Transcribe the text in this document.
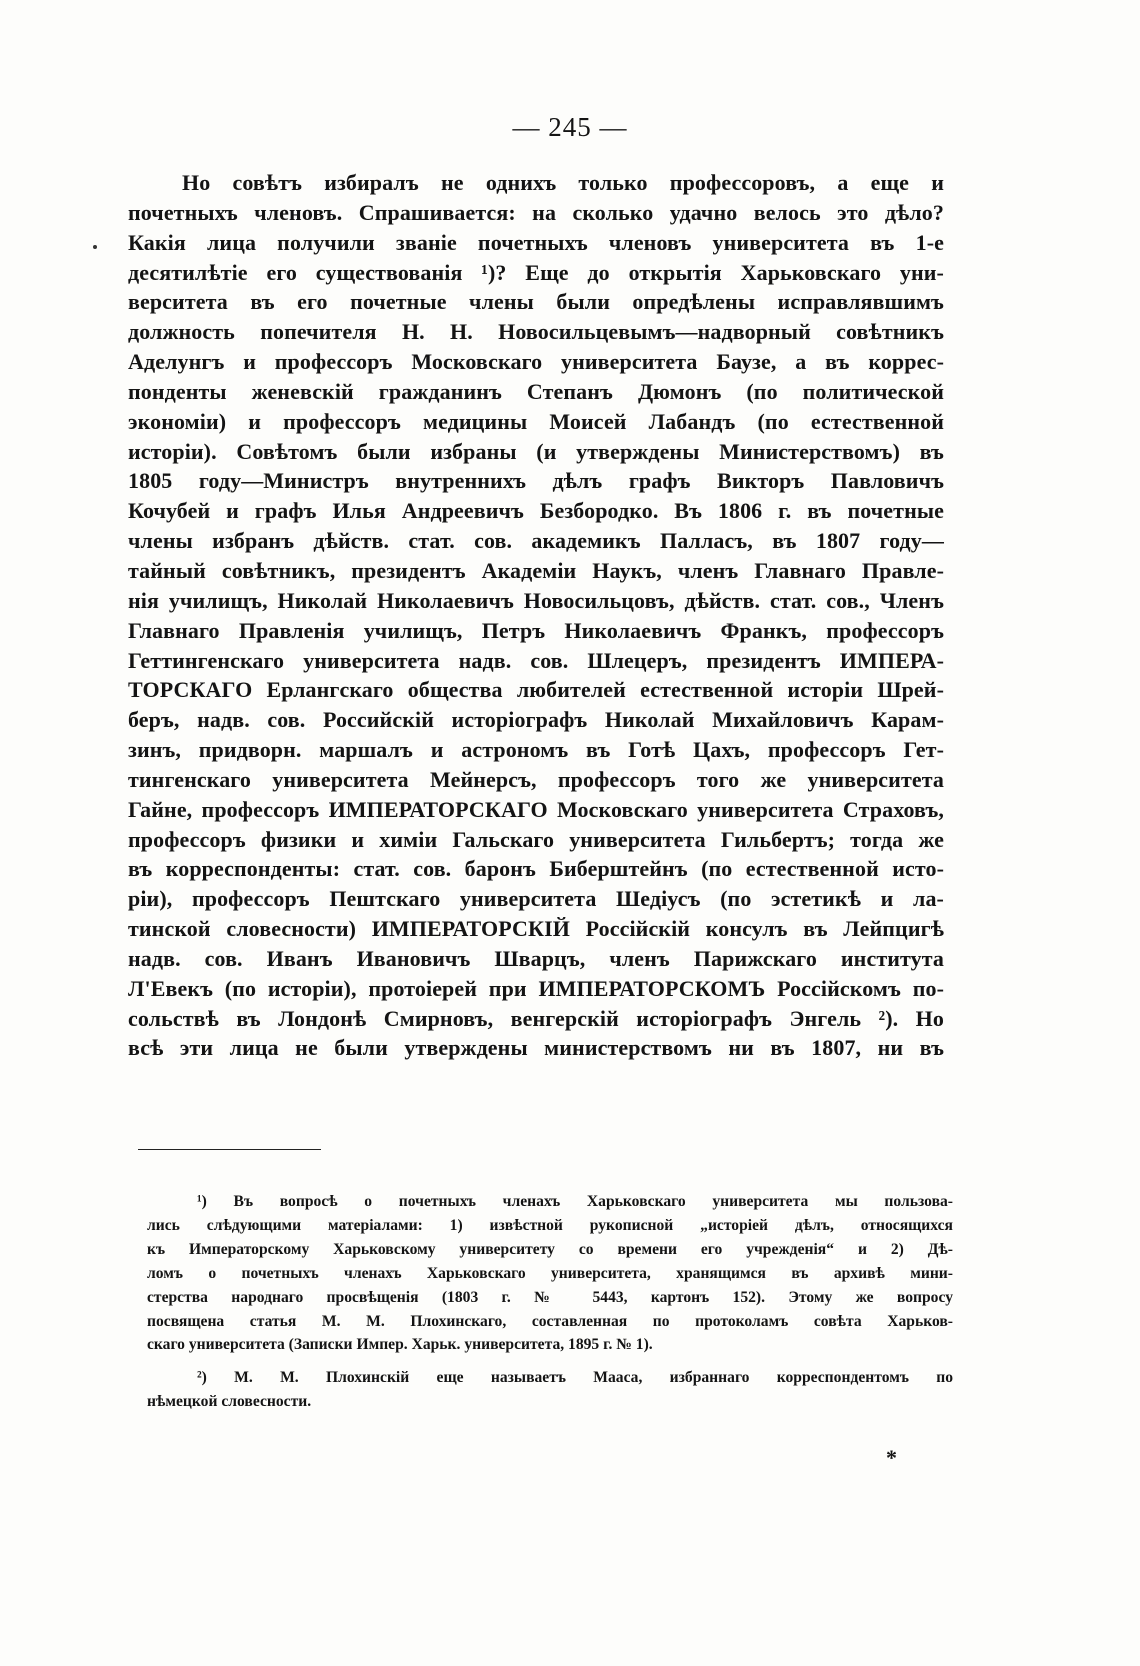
— 245 —
Но совѣтъ избиралъ не однихъ только профессоровъ, а еще и
почетныхъ членовъ. Спрашивается: на сколько удачно велось это дѣло?
Какія лица получили званіе почетныхъ членовъ университета въ 1-е
десятилѣтіе его существованія ¹)? Еще до открытія Харьковскаго уни-
верситета въ его почетные члены были опредѣлены исправлявшимъ
должность попечителя Н. Н. Новосильцевымъ—надворный совѣтникъ
Аделунгъ и профессоръ Московскаго университета Баузе, а въ коррес-
понденты женевскій гражданинъ Степанъ Дюмонъ (по политической
экономіи) и профессоръ медицины Моисей Лабандъ (по естественной
исторіи). Совѣтомъ были избраны (и утверждены Министерствомъ) въ
1805 году—Министръ внутреннихъ дѣлъ графъ Викторъ Павловичъ
Кочубей и графъ Илья Андреевичъ Безбородко. Въ 1806 г. въ почетные
члены избранъ дѣйств. стат. сов. академикъ Палласъ, въ 1807 году—
тайный совѣтникъ, президентъ Академіи Наукъ, членъ Главнаго Правле-
нія училищъ, Николай Николаевичъ Новосильцовъ, дѣйств. стат. сов., Членъ
Главнаго Правленія училищъ, Петръ Николаевичъ Франкъ, профессоръ
Геттингенскаго университета надв. сов. Шлецеръ, президентъ ИМПЕРА-
ТОРСКАГО Ерлангскаго общества любителей естественной исторіи Шрей-
беръ, надв. сов. Российскій исторіографъ Николай Михайловичъ Карам-
зинъ, придворн. маршалъ и астрономъ въ Готѣ Цахъ, профессоръ Гет-
тингенскаго университета Мейнерсъ, профессоръ того же университета
Гайне, профессоръ ИМПЕРАТОРСКАГО Московскаго университета Страховъ,
профессоръ физики и химіи Гальскаго университета Гильбертъ; тогда же
въ корреспонденты: стат. сов. баронъ Биберштейнъ (по естественной исто-
ріи), профессоръ Пештскаго университета Шедіусъ (по эстетикѣ и ла-
тинской словесности) ИМПЕРАТОРСКІЙ Россійскій консулъ въ Лейпцигѣ
надв. сов. Иванъ Ивановичъ Шварцъ, членъ Парижскаго института
Л'Евекъ (по исторіи), протоіерей при ИМПЕРАТОРСКОМЪ Россійскомъ по-
сольствѣ въ Лондонѣ Смирновъ, венгерскій исторіографъ Энгель ²). Но
всѣ эти лица не были утверждены министерствомъ ни въ 1807, ни въ
¹) Въ вопросѣ о почетныхъ членахъ Харьковскаго университета мы пользова-
лись слѣдующими матеріалами: 1) извѣстной рукописной „исторіей дѣлъ, относящихся
къ Императорскому Харьковскому университету со времени его учрежденія“ и 2) Дѣ-
ломъ о почетныхъ членахъ Харьковскаго университета, хранящимся въ архивѣ мини-
стерства народнаго просвѣщенія (1803 г. № 5443, картонъ 152). Этому же вопросу
посвящена статья М. М. Плохинскаго, составленная по протоколамъ совѣта Харьков-
скаго университета (Записки Импер. Харьк. университета, 1895 г. № 1).
²) М. М. Плохинскій еще называетъ Мааса, избраннаго корреспондентомъ по
нѣмецкой словесности.
*
